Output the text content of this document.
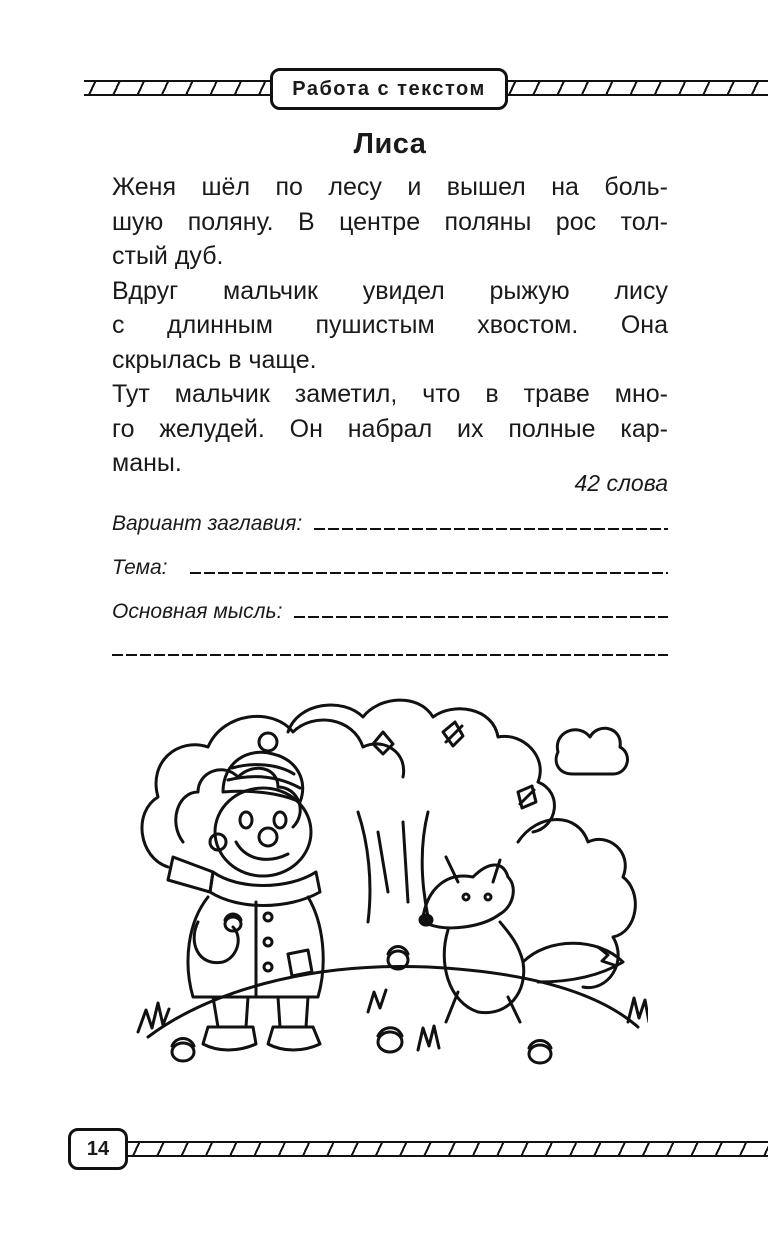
Работа с текстом
Лиса
Женя шёл по лесу и вышел на боль-
шую поляну. В центре поляны рос тол-
стый дуб.
Вдруг мальчик увидел рыжую лису
с длинным пушистым хвостом. Она
скрылась в чаще.
Тут мальчик заметил, что в траве мно-
го желудей. Он набрал их полные кар-
маны.
42 слова
Вариант заглавия:
Тема:
Основная мысль:
14
